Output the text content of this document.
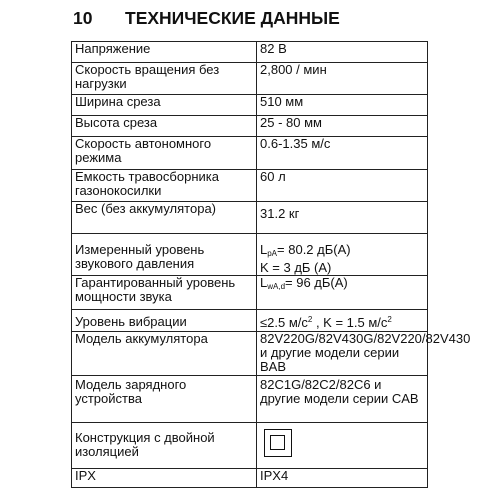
10 ТЕХНИЧЕСКИЕ ДАННЫЕ
Напряжение	82 В
Скорость вращения без нагрузки	2,800 / мин
Ширина среза	510 мм
Высота среза	25 - 80 мм
Скорость автономного режима	0.6-1.35 м/с
Емкость травосборника газонокосилки	60 л
Вес (без аккумулятора)	31.2 кг

Измеренный уровень звукового давления	$L_{pA}= 80.2$ дБ(А)
K = 3 дБ (А)

Гарантированный уровень мощности звука	$L_{wA,d}= 96$ дБ(А)

Уровень вибрации	≤2.5 $м/с^2$ , K = 1.5 $м/с^2$

Модель аккумулятора	82V220G/82V430G/82V220/82V430 и другие модели серии BAB

Модель зарядного устройства	82C1G/82C2/82C6 и другие модели серии CAB

Конструкция с двойной изоляцией	

IPX	IPX4
